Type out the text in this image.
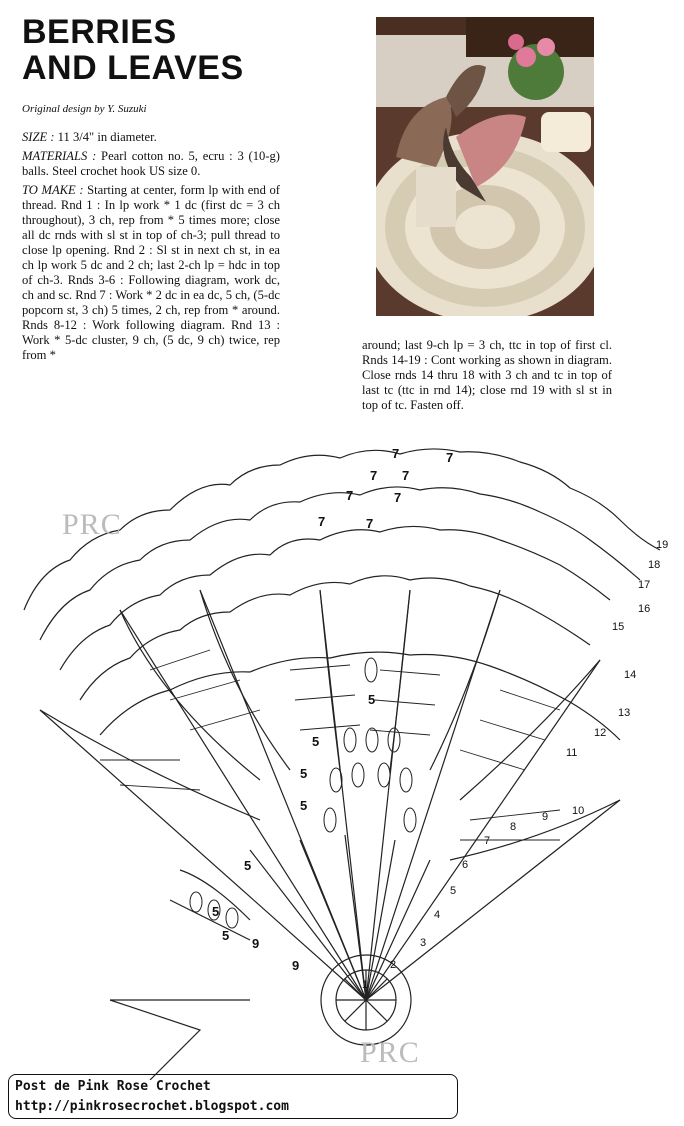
BERRIES
AND LEAVES
Original design by Y. Suzuki

SIZE : 11 3/4" in diameter.

MATERIALS : Pearl cotton no. 5, ecru : 3 (10-g) balls. Steel crochet hook US size 0.

TO MAKE : Starting at center, form lp with end of thread. Rnd 1 : In lp work * 1 dc (first dc = 3 ch throughout), 3 ch, rep from * 5 times more; close all dc rnds with sl st in top of ch-3; pull thread to close lp opening. Rnd 2 : Sl st in next ch st, in ea ch lp work 5 dc and 2 ch; last 2-ch lp = hdc in top of ch-3. Rnds 3-6 : Following diagram, work dc, ch and sc. Rnd 7 : Work * 2 dc in ea dc, 5 ch, (5-dc popcorn st, 3 ch) 5 times, 2 ch, rep from * around. Rnds 8-12 : Work following diagram. Rnd 13 : Work * 5-dc cluster, 9 ch, (5 dc, 9 ch) twice, rep from *

around; last 9-ch lp = 3 ch, ttc in top of first cl. Rnds 14-19 : Cont working as shown in diagram. Close rnds 14 thru 18 with 3 ch and tc in top of last tc (ttc in rnd 14); close rnd 19 with sl st in top of tc. Fasten off.
1
2
3
4
5
6
7
8
9 10
11
12
13
14
15
16
17
18
19
7	7
7 7
7	7
7	7
5
5
5
5
5
5
5
9
9
PRC
PRC
Post de Pink Rose Crochet
http://pinkrosecrochet.blogspot.com
